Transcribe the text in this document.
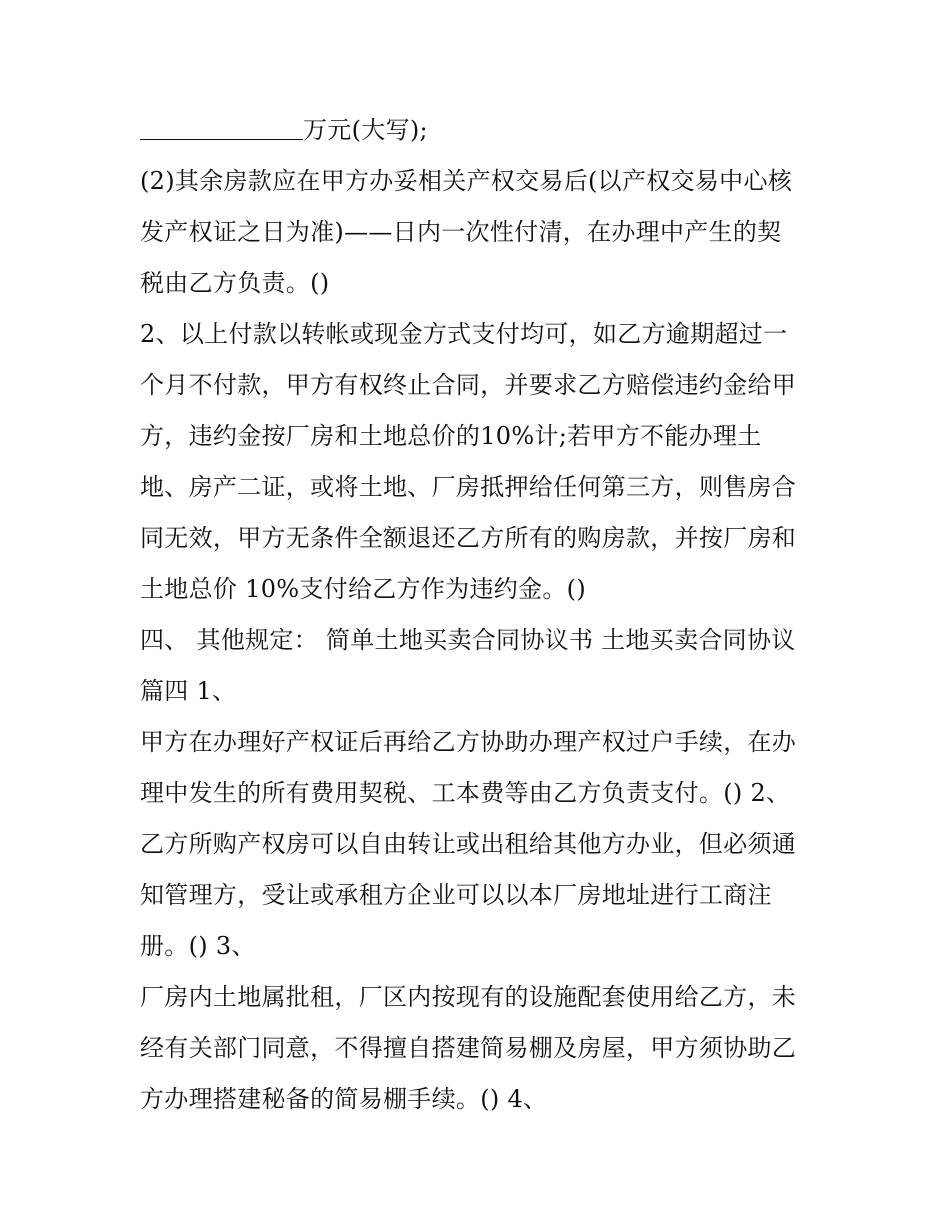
万元(大写);
(2)其余房款应在甲方办妥相关产权交易后(以产权交易中心核
发产权证之日为准)——日内一次性付清，在办理中产生的契
税由乙方负责。()
2、以上付款以转帐或现金方式支付均可，如乙方逾期超过一
个月不付款，甲方有权终止合同，并要求乙方赔偿违约金给甲
方，违约金按厂房和土地总价的10%计;若甲方不能办理土
地、房产二证，或将土地、厂房抵押给任何第三方，则售房合
同无效，甲方无条件全额退还乙方所有的购房款，并按厂房和
土地总价 10%支付给乙方作为违约金。()
四、 其他规定： 简单土地买卖合同协议书 土地买卖合同协议
篇四 1、
甲方在办理好产权证后再给乙方协助办理产权过户手续，在办
理中发生的所有费用契税、工本费等由乙方负责支付。() 2、
乙方所购产权房可以自由转让或出租给其他方办业，但必须通
知管理方，受让或承租方企业可以以本厂房地址进行工商注
册。() 3、
厂房内土地属批租，厂区内按现有的设施配套使用给乙方，未
经有关部门同意，不得擅自搭建简易棚及房屋，甲方须协助乙
方办理搭建秘备的简易棚手续。() 4、
